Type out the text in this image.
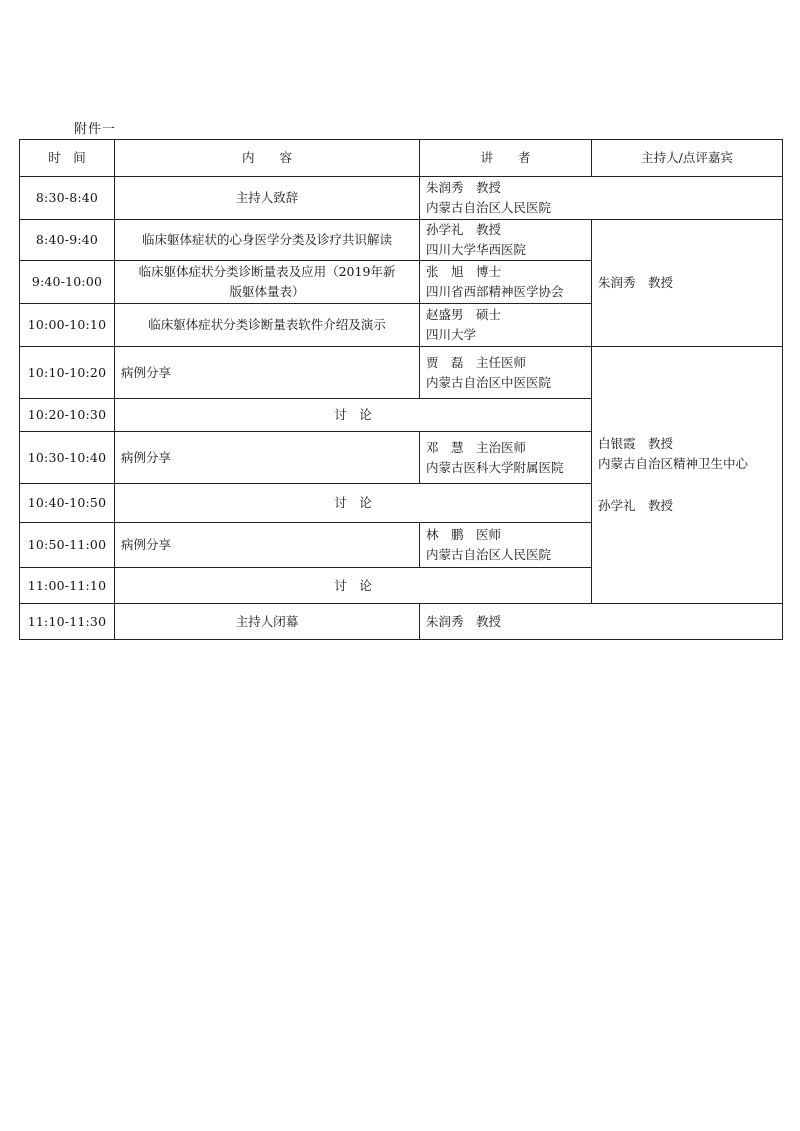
附件一
时　间	内　　容	讲　　者	主持人/点评嘉宾
8:30-8:40	主持人致辞	朱润秀　教授
内蒙古自治区人民医院	

8:40-9:40	临床躯体症状的心身医学分类及诊疗共识解读	孙学礼　教授
四川大学华西医院	朱润秀　教授
9:40-10:00	临床躯体症状分类诊断量表及应用（2019年新
版躯体量表）	张　旭　博士
四川省西部精神医学协会	

10:00-10:10	临床躯体症状分类诊断量表软件介绍及演示	赵盛男　硕士
四川大学	

10:10-10:20	病例分享	贾　磊　主任医师
内蒙古自治区中医医院	白银霞　教授
内蒙古自治区精神卫生中心
孙学礼　教授

10:20-10:30	讨　论		
10:30-10:40	病例分享	邓　慧　主治医师
内蒙古医科大学附属医院	

10:40-10:50	讨　论		
10:50-11:00	病例分享	林　鹏　医师
内蒙古自治区人民医院	

11:00-11:10	讨　论		
11:10-11:30	主持人闭幕	朱润秀　教授	
